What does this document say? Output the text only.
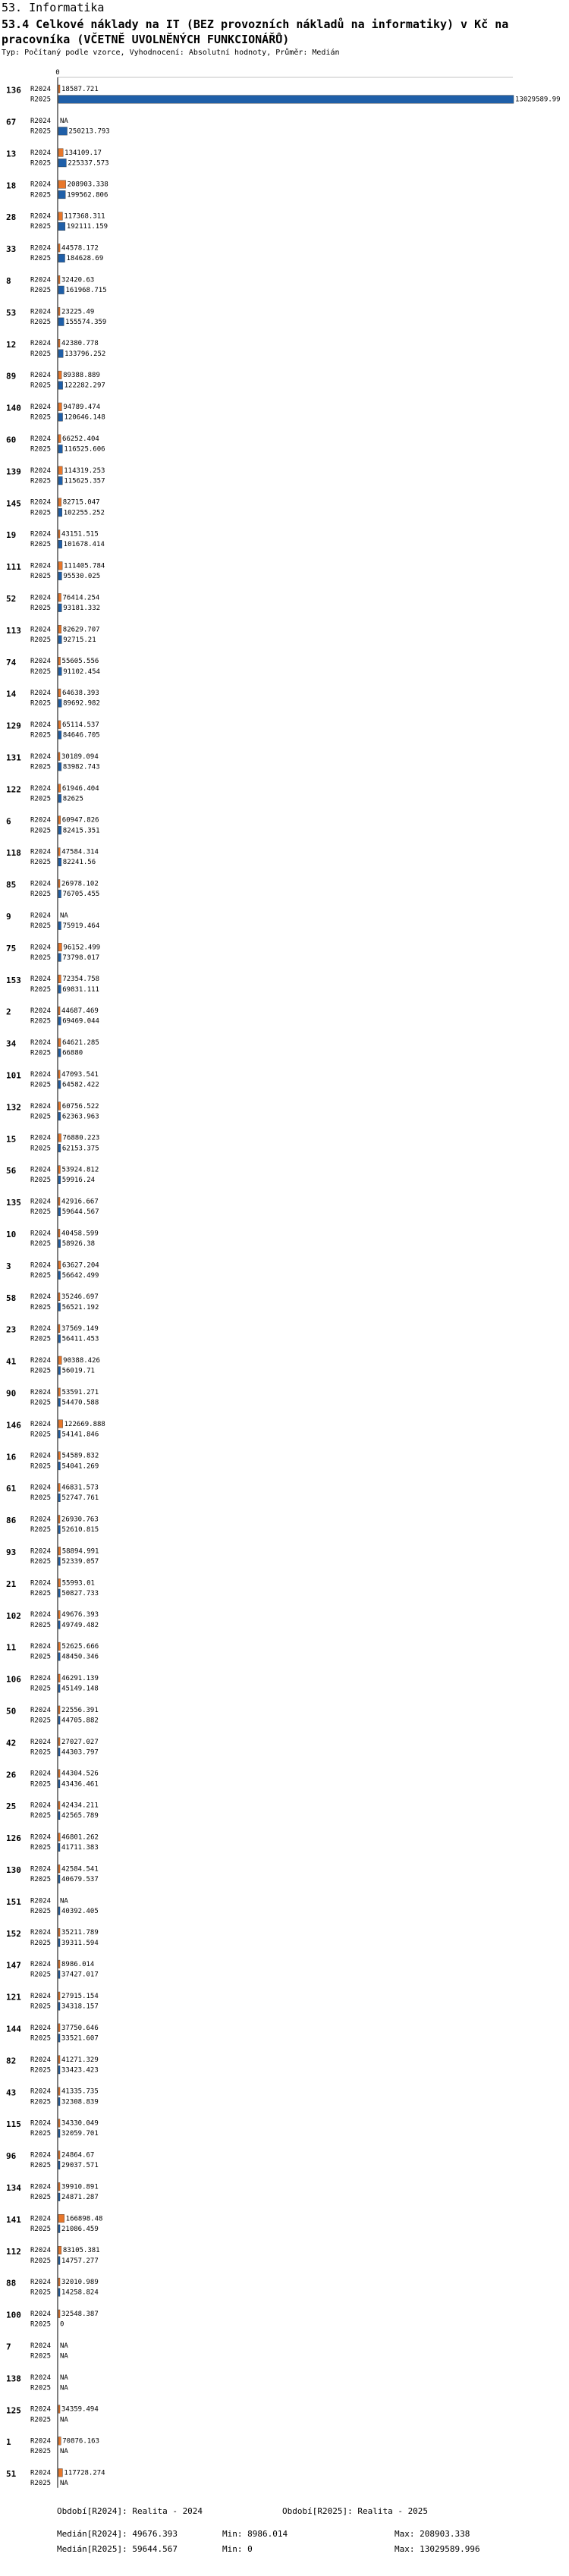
53. Informatika
53.4 Celkové náklady na IT (BEZ provozních nákladů na informatiky) v Kč na pracovníka (VČETNĚ UVOLNĚNÝCH FUNKCIONÁŘŮ)
Typ: Počítaný podle vzorce, Vyhodnocení: Absolutní hodnoty, Průměr: Medián
0
136 R2024 18587.721
R2025	13029589.99
67 R2024 NA
R2025	250213.793
13 R2024 134109.17
R2025 225337.573
18 R2024 208903.338
R2025 199562.806
28 R2024 117368.311
R2025 192111.159
33 R2024 44578.172
R2025 184628.69
8	R2024 32420.63
R2025 161968.715
53 R2024 23225.49
R2025 155574.359
12 R2024 42380.778
R2025 133796.252
89 R2024 89388.889
R2025 122282.297
140 R2024 94789.474
R2025 120646.148
60 R2024 66252.404
R2025 116525.606
139 R2024 114319.253
R2025 115625.357
145 R2024 82715.047
R2025 102255.252
19 R2024 43151.515
R2025 101678.414
111 R2024 111405.784
R2025 95530.025
52 R2024 76414.254
R2025 93181.332
113 R2024 82629.707
R2025 92715.21
74 R2024 55605.556
R2025 91102.454
14 R2024 64638.393
R2025 89692.982
129 R2024 65114.537
R2025 84646.705
131 R2024 30189.094
R2025 83982.743
122 R2024 61946.404
R2025 82625
6	R2024 60947.826
R2025 82415.351
118 R2024 47584.314
R2025 82241.56
85 R2024 26978.102
R2025 76705.455
9	R2024 NA
R2025 75919.464
75 R2024 96152.499
R2025 73798.017
153 R2024 72354.758
R2025 69831.111
2	R2024 44687.469
R2025 69469.044
34 R2024 64621.285
R2025 66880
101 R2024 47093.541
R2025 64582.422
132 R2024 60756.522
R2025 62363.963
15 R2024 76880.223
R2025 62153.375
56 R2024 53924.812
R2025 59916.24
135 R2024 42916.667
R2025 59644.567
10 R2024 40458.599
R2025 58926.38
3	R2024 63627.204
R2025 56642.499
58 R2024 35246.697
R2025 56521.192
23 R2024 37569.149
R2025 56411.453
41 R2024 90388.426
R2025 56019.71
90 R2024 53591.271
R2025 54470.588
146 R2024 122669.888
R2025 54141.846
16 R2024 54589.832
R2025 54041.269
61 R2024 46831.573
R2025 52747.761
86 R2024 26930.763
R2025 52610.815
93 R2024 58894.991
R2025 52339.057
21 R2024 55993.01
R2025 50827.733
102 R2024 49676.393
R2025 49749.482
11 R2024 52625.666
R2025 48450.346
106 R2024 46291.139
R2025 45149.148
50 R2024 22556.391
R2025 44705.882
42 R2024 27027.027
R2025 44303.797
26 R2024 44304.526
R2025 43436.461
25 R2024 42434.211
R2025 42565.789
126 R2024 46801.262
R2025 41711.383
130 R2024 42584.541
R2025 40679.537
151 R2024 NA
R2025 40392.405
152 R2024 35211.789
R2025 39311.594
147 R2024 8986.014
R2025 37427.017
121 R2024 27915.154
R2025 34318.157
144 R2024 37750.646
R2025 33521.607
82 R2024 41271.329
R2025 33423.423
43 R2024 41335.735
R2025 32308.839
115 R2024 34330.049
R2025 32059.701
96 R2024 24864.67
R2025 29037.571
134 R2024 39910.891
R2025 24871.287
141 R2024 166898.48
R2025 21086.459
112 R2024 83105.381
R2025 14757.277
88 R2024 32010.989
R2025 14258.824
100 R2024 32548.387
R2025 0
7	R2024 NA
R2025 NA
138 R2024 NA
R2025 NA
125 R2024 34359.494
R2025 NA
1	R2024 70876.163
R2025 NA
51 R2024 117728.274
R2025 NA
Období[R2024]: Realita - 2024	Období[R2025]: Realita - 2025
Medián[R2024]: 49676.393	Min: 8986.014	Max: 208903.338
Medián[R2025]: 59644.567	Min: 0	Max: 13029589.996
